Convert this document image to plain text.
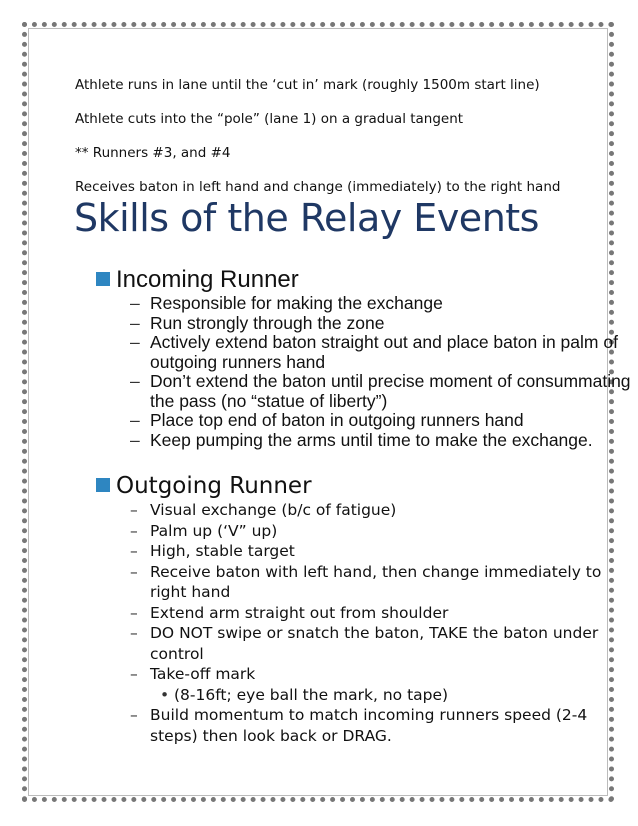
Athlete runs in lane until the ‘cut in’ mark (roughly 1500m start line)

Athlete cuts into the “pole” (lane 1) on a gradual tangent

** Runners #3, and #4

Receives baton in left hand and change (immediately) to the right hand

Skills of the Relay Events
Incoming Runner
– Responsible for making the exchange
– Run strongly through the zone
– Actively extend baton straight out and place baton in palm of outgoing runners hand
– Don’t extend the baton until precise moment of consummating the pass (no “statue of liberty”)
– Place top end of baton in outgoing runners hand
– Keep pumping the arms until time to make the exchange.
Outgoing Runner
– Visual exchange (b/c of fatigue)
– Palm up (‘V” up)
– High, stable target
– Receive baton with left hand, then change immediately to right hand
– Extend arm straight out from shoulder
– DO NOT swipe or snatch the baton, TAKE the baton under control
– Take-off mark
• (8-16ft; eye ball the mark, no tape)
– Build momentum to match incoming runners speed (2-4 steps) then look back or DRAG.
